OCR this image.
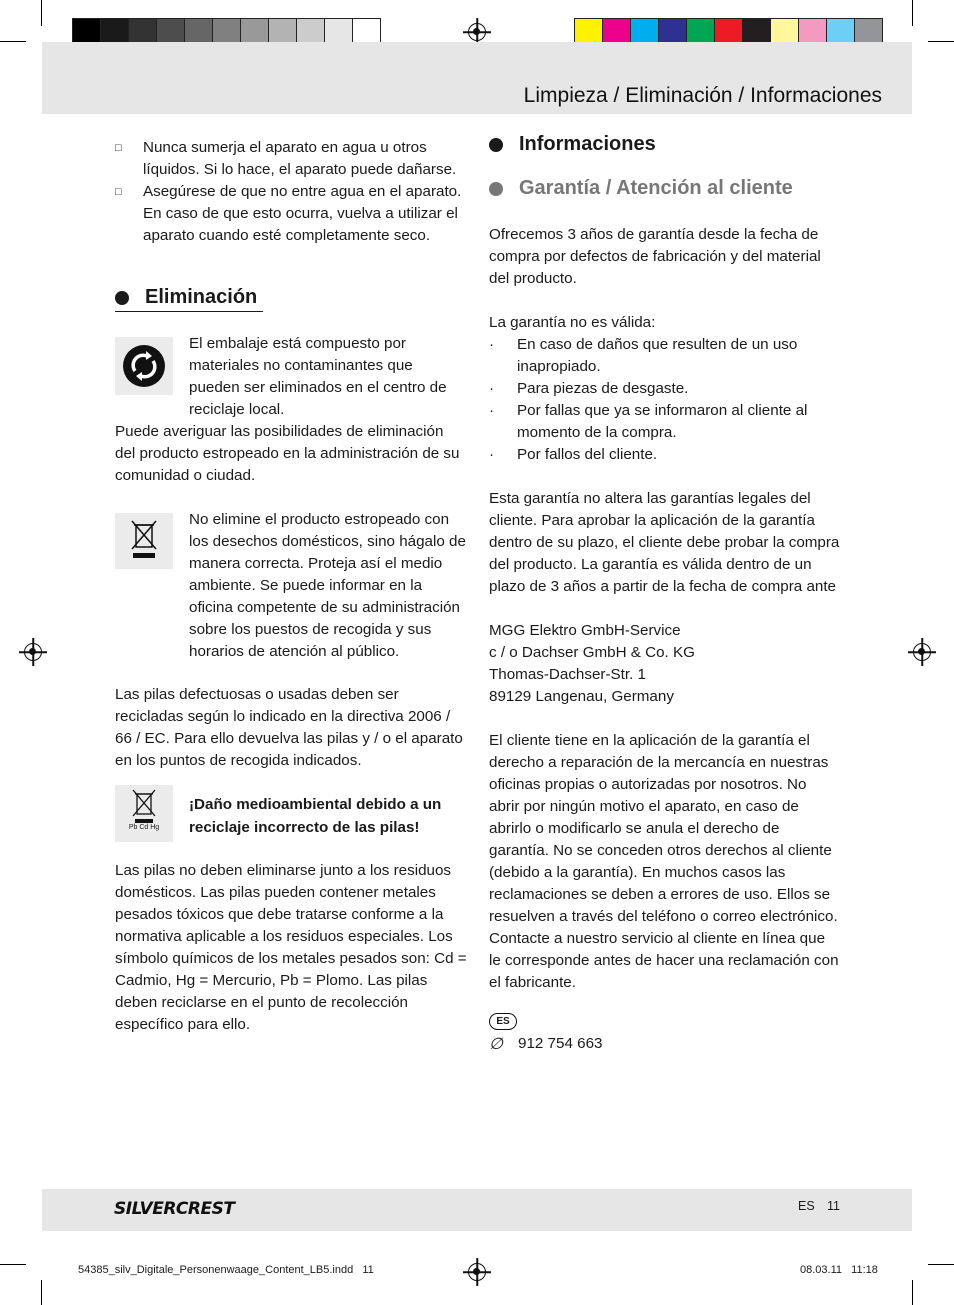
Limpieza / Eliminación / Informaciones
□	Nunca sumerja el aparato en agua u otros líquidos. Si lo hace, el aparato puede dañarse.
□	Asegúrese de que no entre agua en el aparato. En caso de que esto ocurra, vuelva a utilizar el aparato cuando esté completamente seco.
Eliminación
El embalaje está compuesto por materiales no contaminantes que pueden ser eliminados en el centro de reciclaje local.
Puede averiguar las posibilidades de eliminación del producto estropeado en la administración de su comunidad o ciudad.
No elimine el producto estropeado con los desechos domésticos, sino hágalo de manera correcta. Proteja así el medio ambiente. Se puede informar en la oficina competente de su administración sobre los puestos de recogida y sus horarios de atención al público.
Las pilas defectuosas o usadas deben ser recicladas según lo indicado en la directiva 2006 / 66 / EC. Para ello devuelva las pilas y / o el aparato en los puntos de recogida indicados.
Pb Cd Hg
¡Daño medioambiental debido a un reciclaje incorrecto de las pilas!
Las pilas no deben eliminarse junto a los residuos domésticos. Las pilas pueden contener metales pesados tóxicos que debe tratarse conforme a la normativa aplicable a los residuos especiales. Los símbolo químicos de los metales pesados son: Cd = Cadmio, Hg = Mercurio, Pb = Plomo. Las pilas deben reciclarse en el punto de recolección específico para ello.
Informaciones
Garantía / Atención al cliente

Ofrecemos 3 años de garantía desde la fecha de compra por defectos de fabricación y del material del producto.

La garantía no es válida:

·	En caso de daños que resulten de un uso inapropiado.
·	Para piezas de desgaste.
·	Por fallas que ya se informaron al cliente al momento de la compra.
·	Por fallos del cliente.

Esta garantía no altera las garantías legales del cliente. Para aprobar la aplicación de la garantía dentro de su plazo, el cliente debe probar la compra del producto. La garantía es válida dentro de un plazo de 3 años a partir de la fecha de compra ante

MGG Elektro GmbH-Service

c / o Dachser GmbH & Co. KG

Thomas-Dachser-Str. 1

89129 Langenau, Germany

El cliente tiene en la aplicación de la garantía el derecho a reparación de la mercancía en nuestras oficinas propias o autorizadas por nosotros. No abrir por ningún motivo el aparato, en caso de abrirlo o modificarlo se anula el derecho de garantía. No se conceden otros derechos al cliente (debido a la garantía). En muchos casos las reclamaciones se deben a errores de uso. Ellos se resuelven a través del teléfono o correo electrónico. Contacte a nuestro servicio al cliente en línea que le corresponde antes de hacer una reclamación con el fabricante.

ES
∅ 912 754 663
SILVERCREST	ES 11
54385_silv_Digitale_Personenwaage_Content_LB5.indd   11	08.03.11   11:18
